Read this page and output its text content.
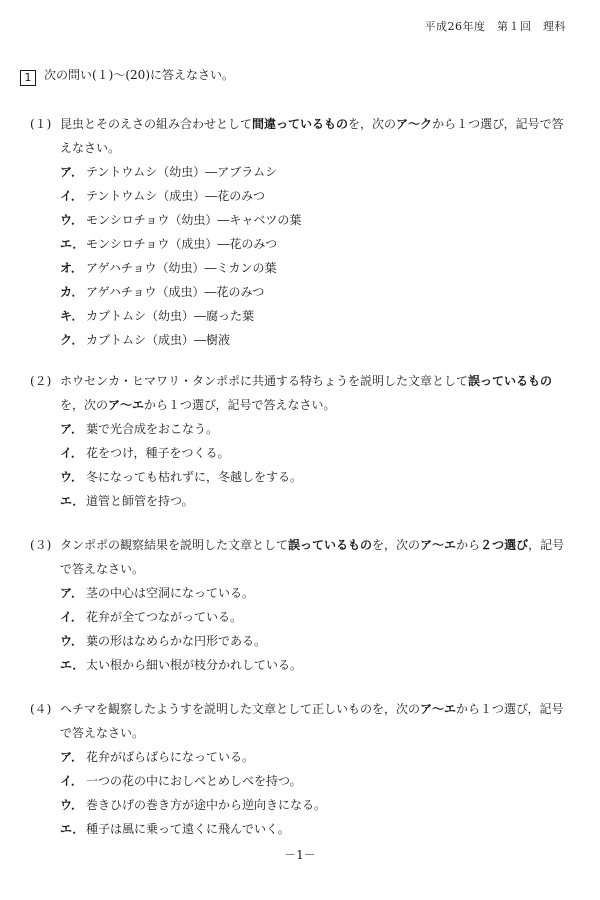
平成26年度　第１回　理科
1 次の問い(１)～(20)に答えなさい。
(１) 昆虫とそのえさの組み合わせとして間違っているものを，次のア～クから１つ選び，記号で答えなさい。
ア． テントウムシ（幼虫）―アブラムシ
イ． テントウムシ（成虫）―花のみつ
ウ． モンシロチョウ（幼虫）―キャベツの葉
エ． モンシロチョウ（成虫）―花のみつ
オ． アゲハチョウ（幼虫）―ミカンの葉
カ． アゲハチョウ（成虫）―花のみつ
キ． カブトムシ（幼虫）―腐った葉
ク． カブトムシ（成虫）―樹液
(２) ホウセンカ・ヒマワリ・タンポポに共通する特ちょうを説明した文章として誤っているものを，次のア～エから１つ選び，記号で答えなさい。
ア． 葉で光合成をおこなう。
イ． 花をつけ，種子をつくる。
ウ． 冬になっても枯れずに，冬越しをする。
エ． 道管と師管を持つ。
(３) タンポポの観察結果を説明した文章として誤っているものを，次のア～エから２つ選び，記号で答えなさい。
ア． 茎の中心は空洞になっている。
イ． 花弁が全てつながっている。
ウ． 葉の形はなめらかな円形である。
エ． 太い根から細い根が枝分かれしている。
(４) ヘチマを観察したようすを説明した文章として正しいものを，次のア～エから１つ選び，記号で答えなさい。
ア． 花弁がばらばらになっている。
イ． 一つの花の中におしべとめしべを持つ。
ウ． 巻きひげの巻き方が途中から逆向きになる。
エ． 種子は風に乗って遠くに飛んでいく。
－1－
